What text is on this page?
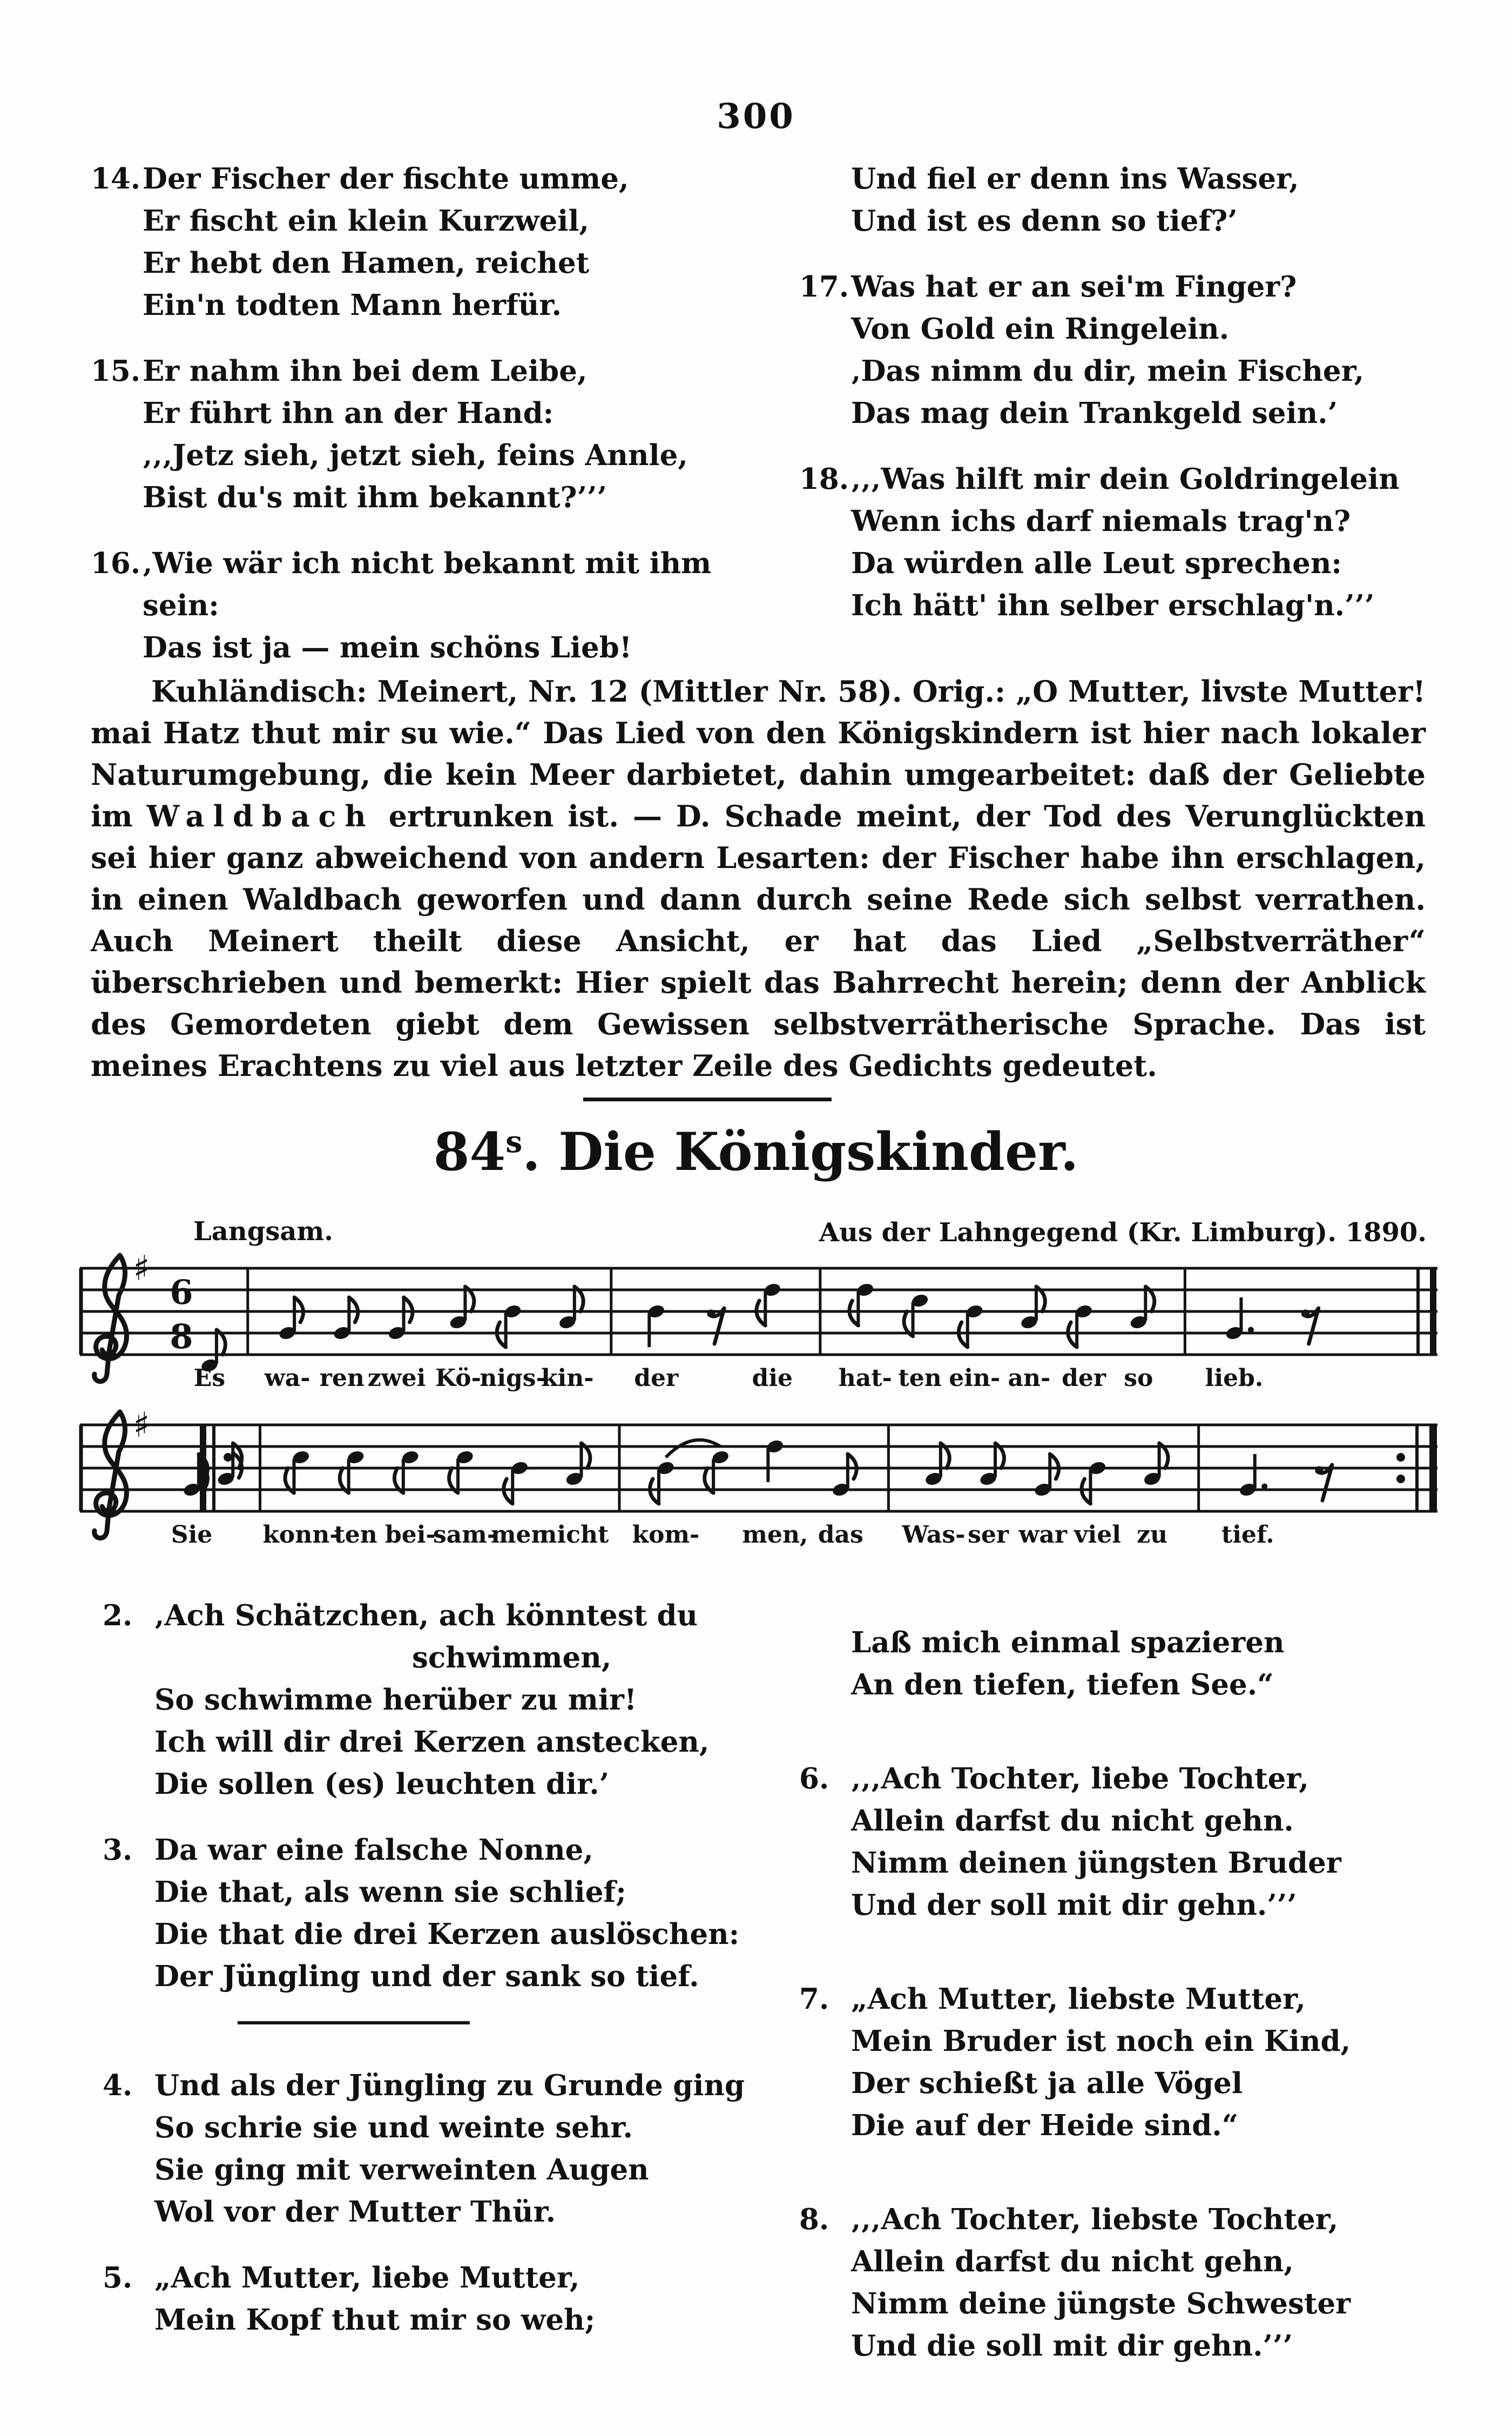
300
14. Der Fischer der fischte umme,
Er fischt ein klein Kurzweil,
Er hebt den Hamen, reichet
Ein'n todten Mann herfür.
15. Er nahm ihn bei dem Leibe,
Er führt ihn an der Hand:
‚‚‚Jetz sieh, jetzt sieh, feins Annle,
Bist du's mit ihm bekannt?’’’
16. ‚Wie wär ich nicht bekannt mit ihm sein:
Das ist ja — mein schöns Lieb!
Und fiel er denn ins Wasser,
Und ist es denn so tief?’
17. Was hat er an sei'm Finger?
Von Gold ein Ringelein.
‚Das nimm du dir, mein Fischer,
Das mag dein Trankgeld sein.’
18. ‚‚‚Was hilft mir dein Goldringelein
Wenn ichs darf niemals trag'n?
Da würden alle Leut sprechen:
Ich hätt' ihn selber erschlag'n.’’’
Kuhländisch: Meinert, Nr. 12 (Mittler Nr. 58). Orig.: „O Mutter, livste Mutter! mai Hatz thut mir su wie.“ Das Lied von den Königskindern ist hier nach lokaler Naturumgebung, die kein Meer darbietet, dahin umgearbeitet: daß der Geliebte im Waldbach ertrunken ist. — D. Schade meint, der Tod des Verunglückten sei hier ganz abweichend von andern Lesarten: der Fischer habe ihn erschlagen, in einen Waldbach geworfen und dann durch seine Rede sich selbst verrathen. Auch Meinert theilt diese Ansicht, er hat das Lied „Selbstverräther“ überschrieben und bemerkt: Hier spielt das Bahrrecht herein; denn der Anblick des Gemordeten giebt dem Gewissen selbstverrätherische Sprache. Das ist meines Erachtens zu viel aus letzter Zeile des Gedichts gedeutet.
84$^s$. Die Königskinder.
Langsam.	Aus der Lahngegend (Kr. Limburg). 1890.
♯
6
8
Es wa- ren zwei Kö-
nigs-
kin- der	die hat- ten ein- an- der so lieb.
♯
Sie konn-
ten bei-
sam-
men
nicht kom- men, das Was- ser war viel zu tief.
2. ‚Ach Schätzchen, ach könntest du
         schwimmen,
So schwimme herüber zu mir!
Ich will dir drei Kerzen anstecken,
Die sollen (es) leuchten dir.’
3. Da war eine falsche Nonne,
Die that, als wenn sie schlief;
Die that die drei Kerzen auslöschen:
Der Jüngling und der sank so tief.
4. Und als der Jüngling zu Grunde ging
So schrie sie und weinte sehr.
Sie ging mit verweinten Augen
Wol vor der Mutter Thür.
5. „Ach Mutter, liebe Mutter,
Mein Kopf thut mir so weh;
Laß mich einmal spazieren
An den tiefen, tiefen See.“
6. ‚‚‚Ach Tochter, liebe Tochter,
Allein darfst du nicht gehn.
Nimm deinen jüngsten Bruder
Und der soll mit dir gehn.’’’
7. „Ach Mutter, liebste Mutter,
Mein Bruder ist noch ein Kind,
Der schießt ja alle Vögel
Die auf der Heide sind.“
8. ‚‚‚Ach Tochter, liebste Tochter,
Allein darfst du nicht gehn,
Nimm deine jüngste Schwester
Und die soll mit dir gehn.’’’
